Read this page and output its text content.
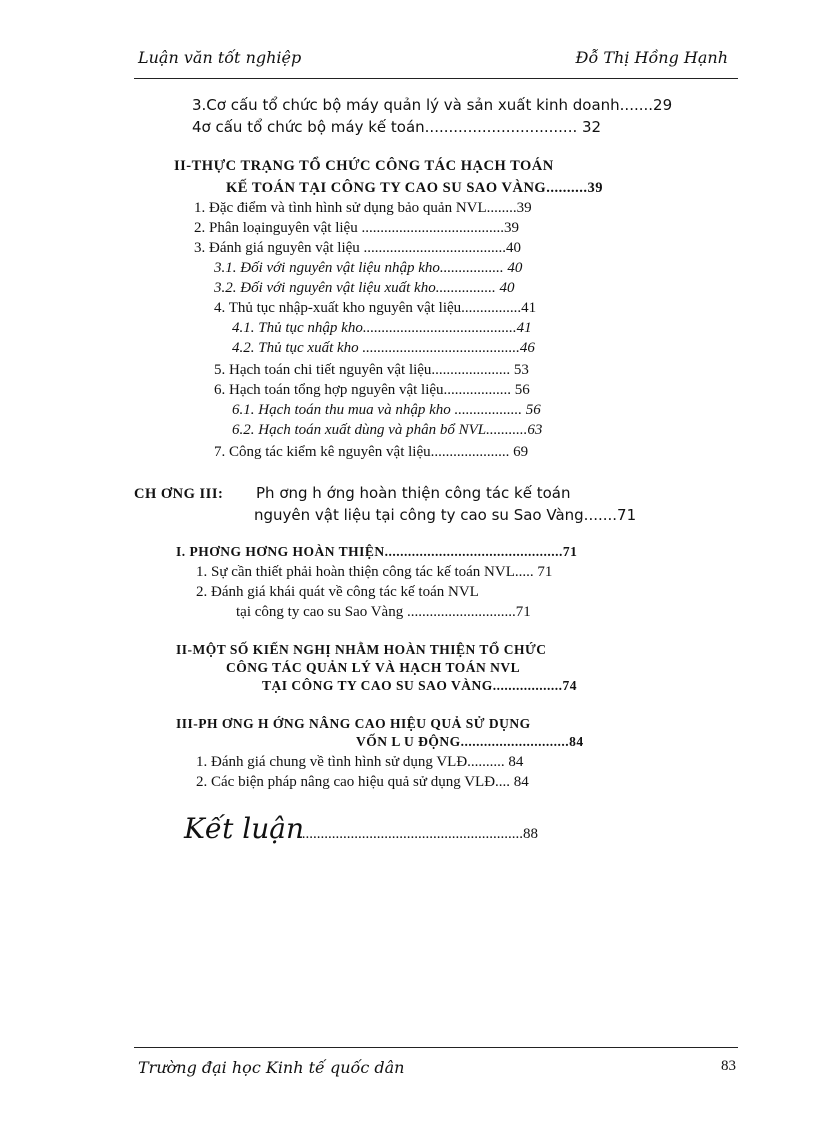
Luận văn tốt nghiệp	Đỗ Thị Hồng Hạnh
3.Cơ cấu tổ chức bộ máy quản lý và sản xuất kinh doanh.......29
4ơ cấu tổ chức bộ máy kế toán................................ 32
II-THỰC TRẠNG TỔ CHỨC CÔNG TÁC HẠCH TOÁN
KẾ TOÁN TẠI CÔNG TY CAO SU SAO VÀNG..........39
1. Đặc điểm và tình hình sử dụng bảo quản NVL........39
2. Phân loạinguyên vật liệu ......................................39
3. Đánh giá nguyên vật liệu ......................................40
3.1. Đối với nguyên vật liệu nhập kho................. 40
3.2. Đối với nguyên vật liệu xuất kho................ 40
4. Thủ tục nhập-xuất kho nguyên vật liệu................41
4.1. Thủ tục nhập kho.........................................41
4.2. Thủ tục xuất kho ..........................................46
5. Hạch toán chi tiết nguyên vật liệu..................... 53
6. Hạch toán tổng hợp nguyên vật liệu.................. 56
6.1. Hạch toán thu mua và nhập kho .................. 56
6.2. Hạch toán xuất dùng và phân bổ NVL...........63
7. Công tác kiểm kê nguyên vật liệu..................... 69
CH ƠNG III: Ph ơng h ớng hoàn thiện công tác kế toán
nguyên vật liệu tại công ty cao su Sao Vàng.......71
I. PHƠNG HƠNG HOÀN THIỆN..............................................71
1. Sự cần thiết phải hoàn thiện công tác kế toán NVL..... 71
2. Đánh giá khái quát về công tác kế toán NVL
tại công ty cao su Sao Vàng .............................71
II-MỘT SỐ KIẾN NGHỊ NHẰM HOÀN THIỆN TỔ CHỨC
CÔNG TÁC QUẢN LÝ VÀ HẠCH TOÁN NVL
TẠI CÔNG TY CAO SU SAO VÀNG..................74
III-PH ƠNG H ỚNG NÂNG CAO HIỆU QUẢ SỬ DỤNG
VỐN L U ĐỘNG............................84
1. Đánh giá chung về tình hình sử dụng VLĐ.......... 84
2. Các biện pháp nâng cao hiệu quả sử dụng VLĐ.... 84
Kết luận
............................................................88
Trường đại học Kinh tế quốc dân	83
